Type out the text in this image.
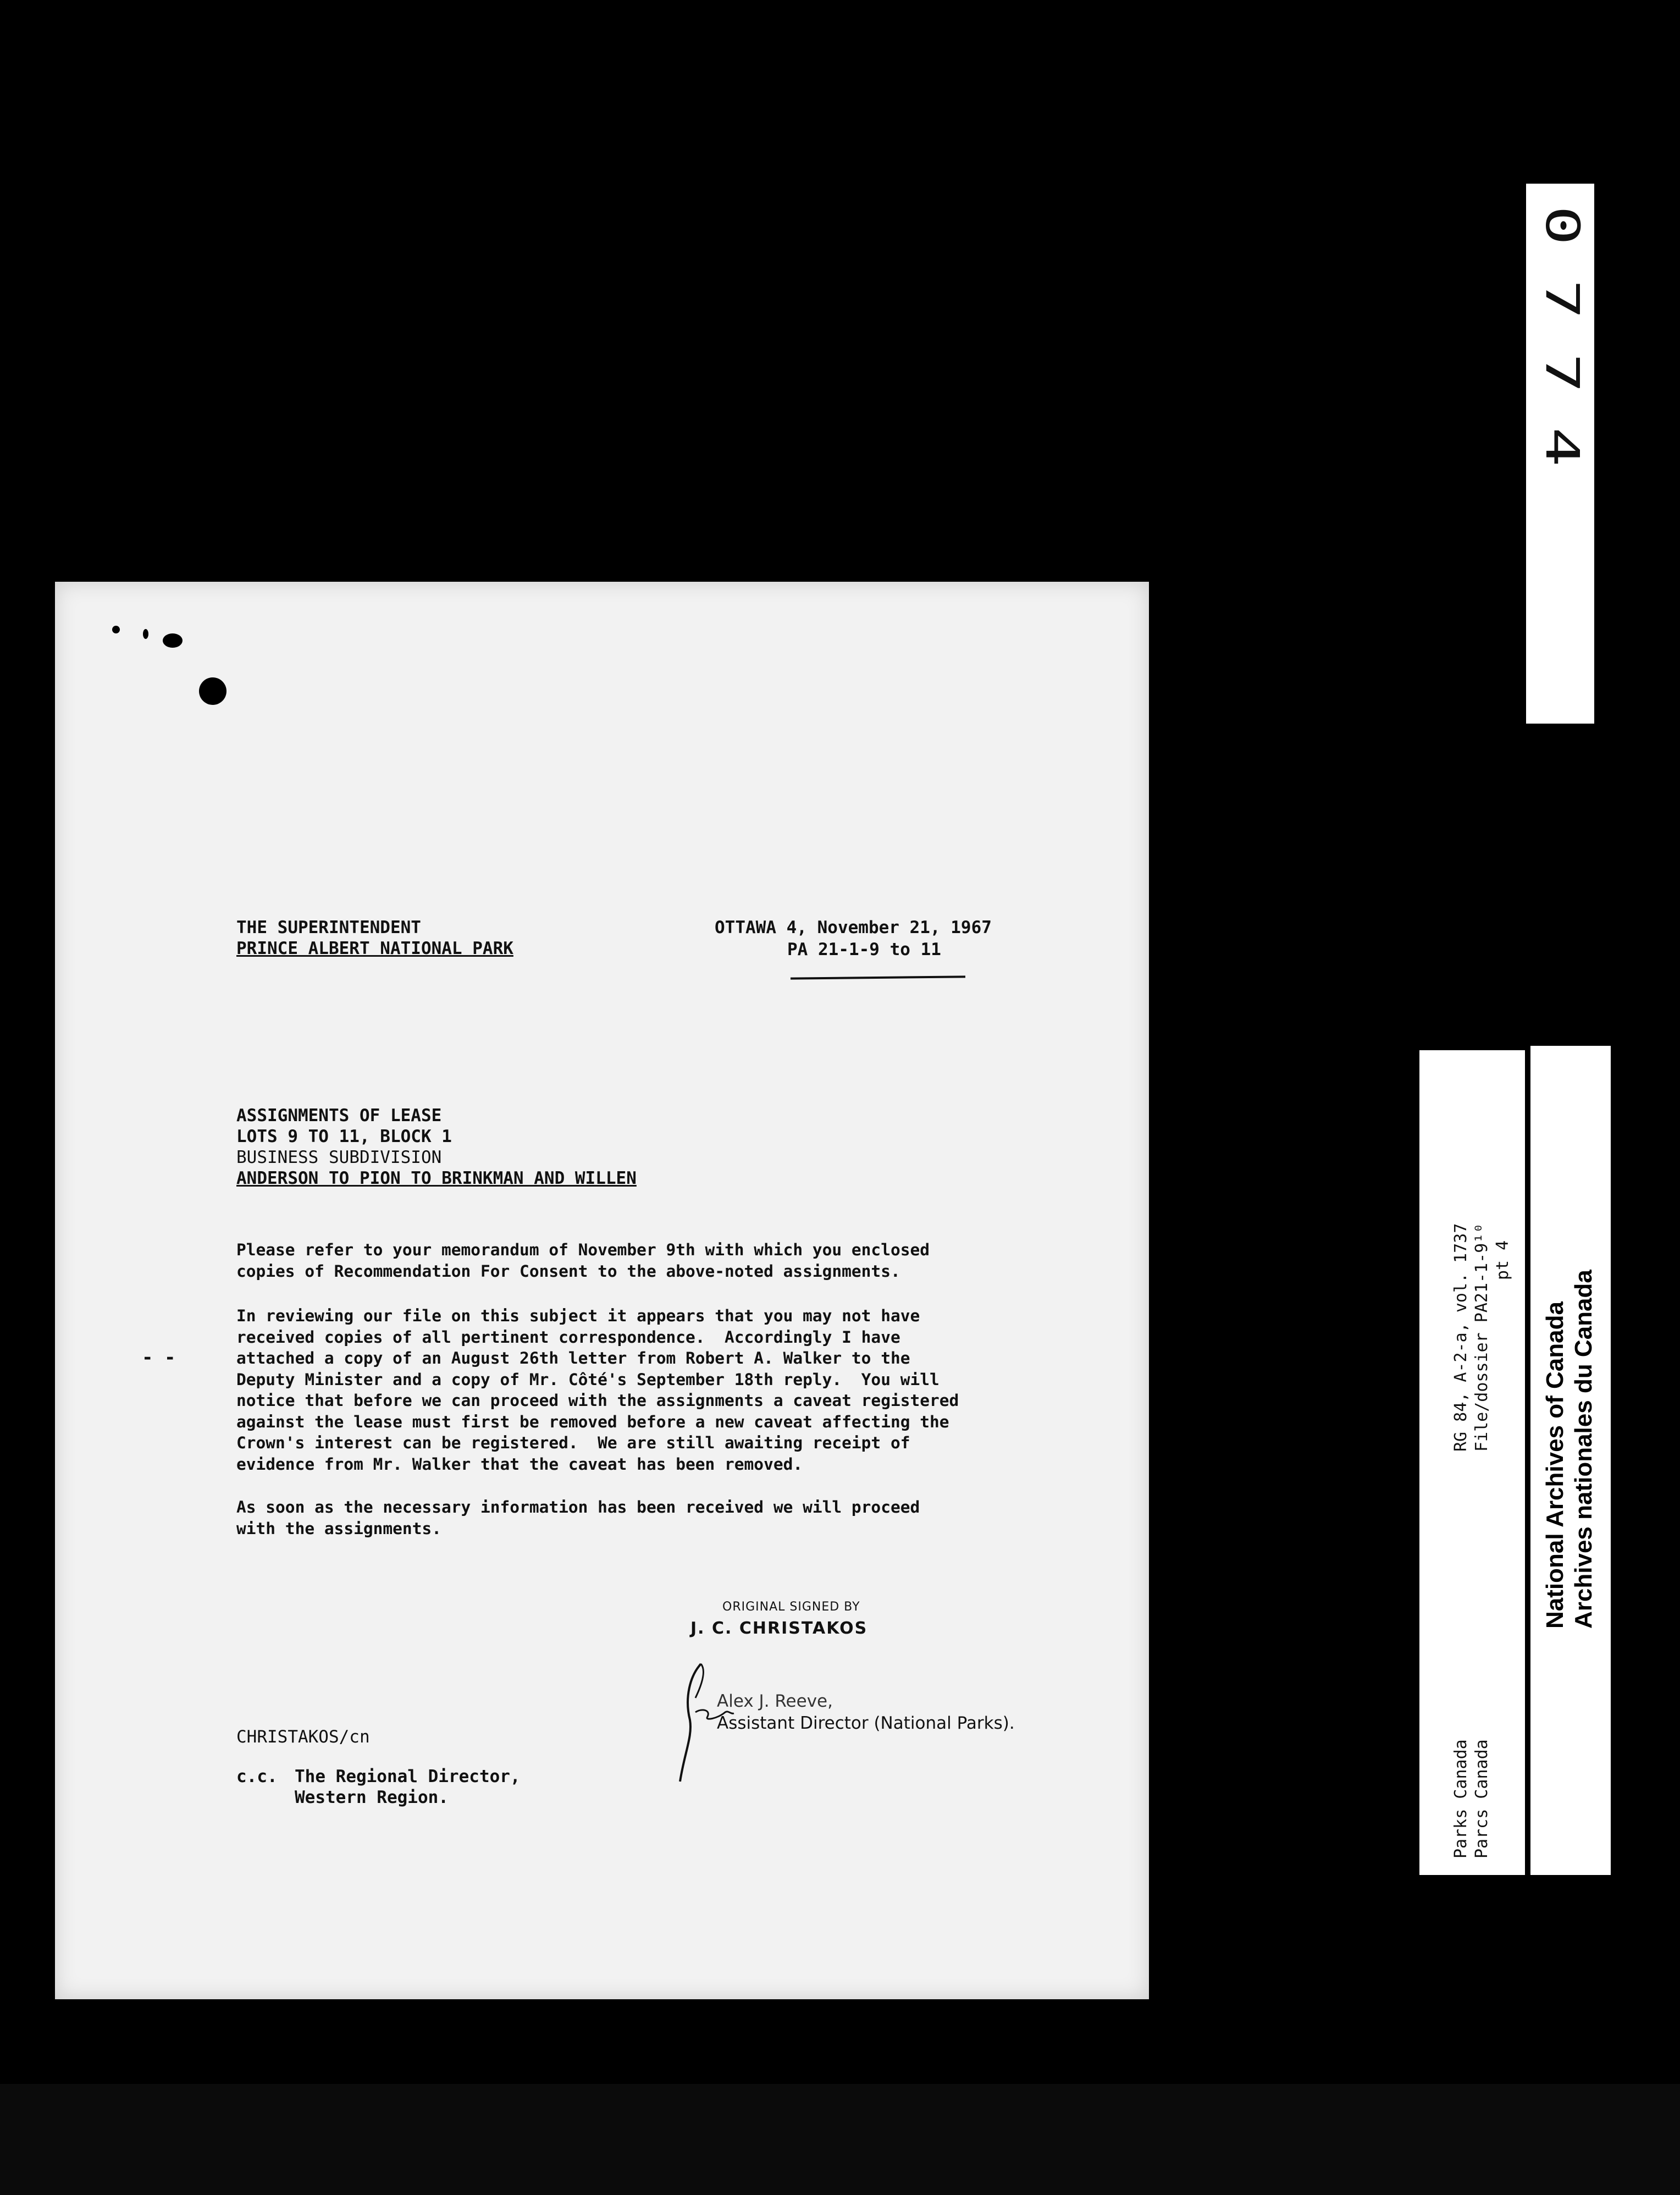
THE SUPERINTENDENT
PRINCE ALBERT NATIONAL PARK
OTTAWA 4, November 21, 1967
PA 21-1-9 to 11
ASSIGNMENTS OF LEASE
LOTS 9 TO 11, BLOCK 1
BUSINESS SUBDIVISION
ANDERSON TO PION TO BRINKMAN AND WILLEN
Please refer to your memorandum of November 9th with which you enclosed
copies of Recommendation For Consent to the above-noted assignments.
In reviewing our file on this subject it appears that you may not have
received copies of all pertinent correspondence.  Accordingly I have
attached a copy of an August 26th letter from Robert A. Walker to the
Deputy Minister and a copy of Mr. Côté's September 18th reply.  You will
notice that before we can proceed with the assignments a caveat registered
against the lease must first be removed before a new caveat affecting the
Crown's interest can be registered.  We are still awaiting receipt of
evidence from Mr. Walker that the caveat has been removed.
- -
As soon as the necessary information has been received we will proceed
with the assignments.
ORIGINAL SIGNED BY
J. C. CHRISTAKOS
Alex J. Reeve,
Assistant Director (National Parks).
CHRISTAKOS/cn
c.c. The Regional Director,
Western Region.
0774
RG 84, A-2-a, vol. 1737 File/dossier PA21-1-9¹⁰ pt 4
Parks Canada Parcs Canada
National Archives of Canada Archives nationales du Canada
